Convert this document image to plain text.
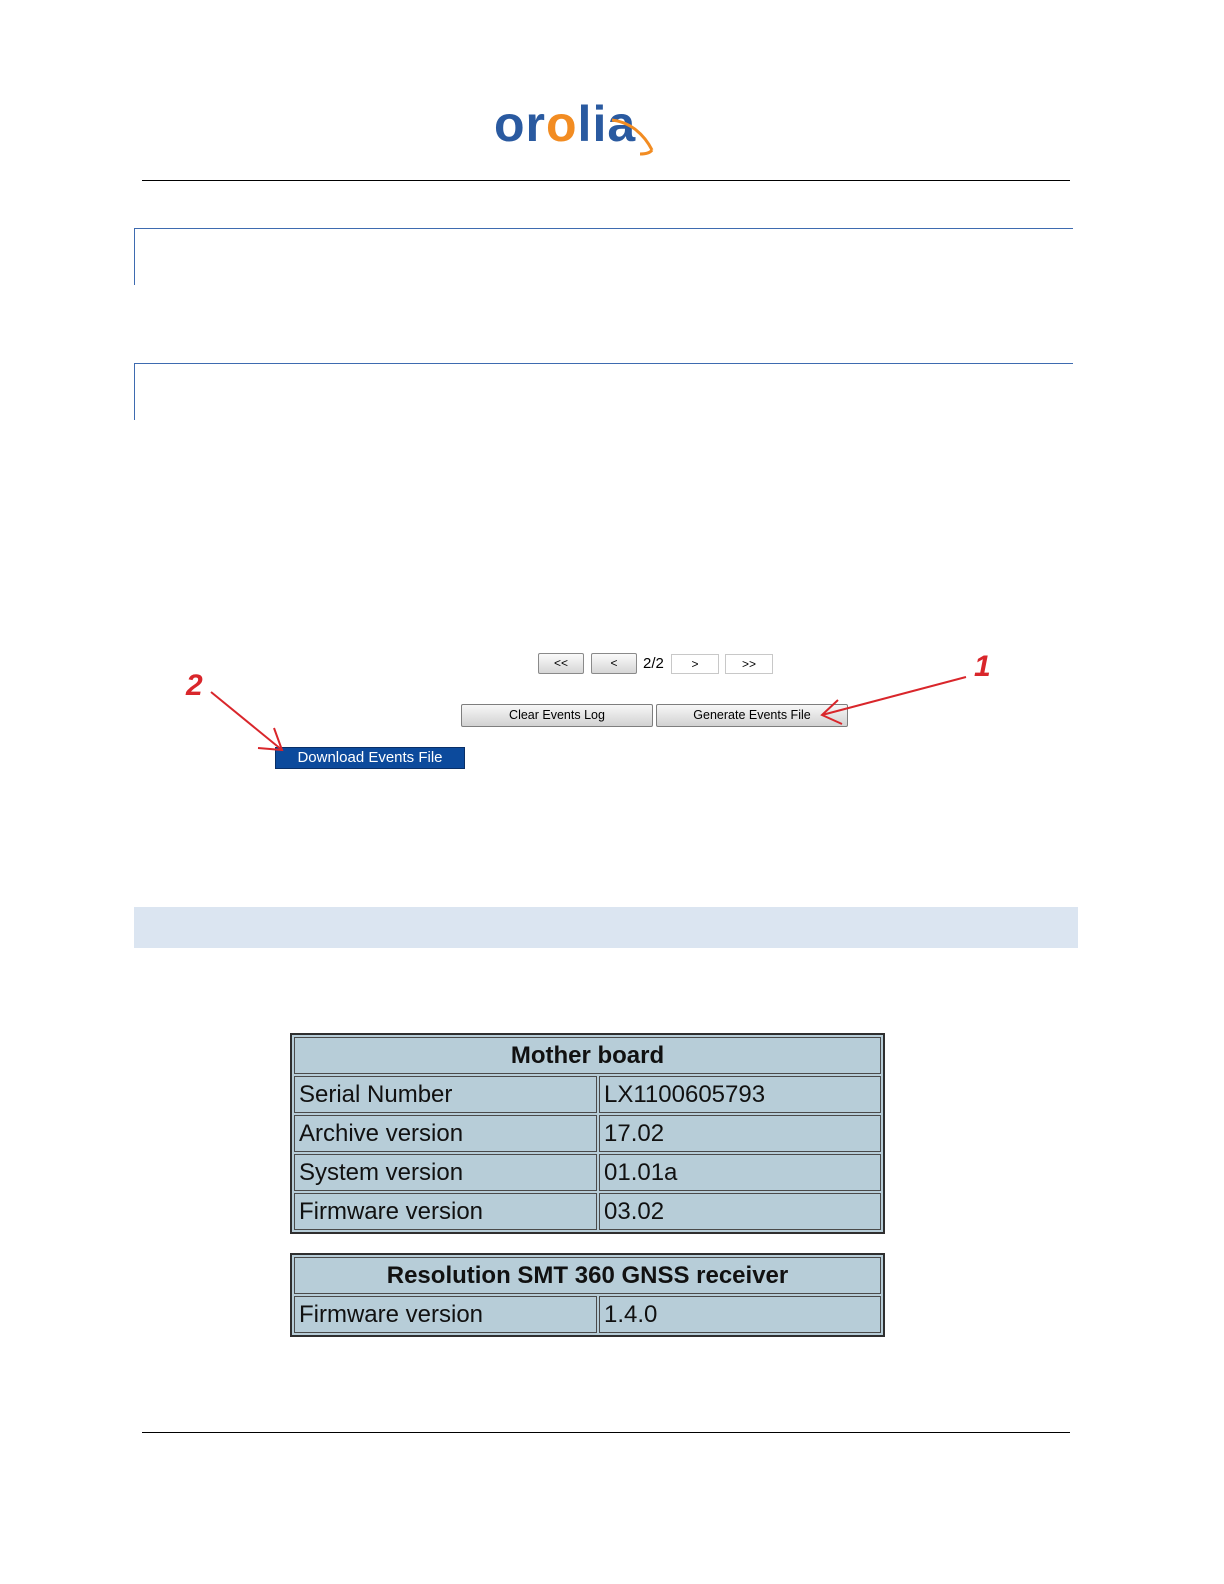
orolia
<<	<	2/2	>	>>
Clear Events Log	Generate Events File
Download Events File
1
2
Mother board	
Serial Number	LX1100605793
Archive version	17.02
System version	01.01a
Firmware version	03.02
Resolution SMT 360 GNSS receiver
Firmware version	1.4.0
